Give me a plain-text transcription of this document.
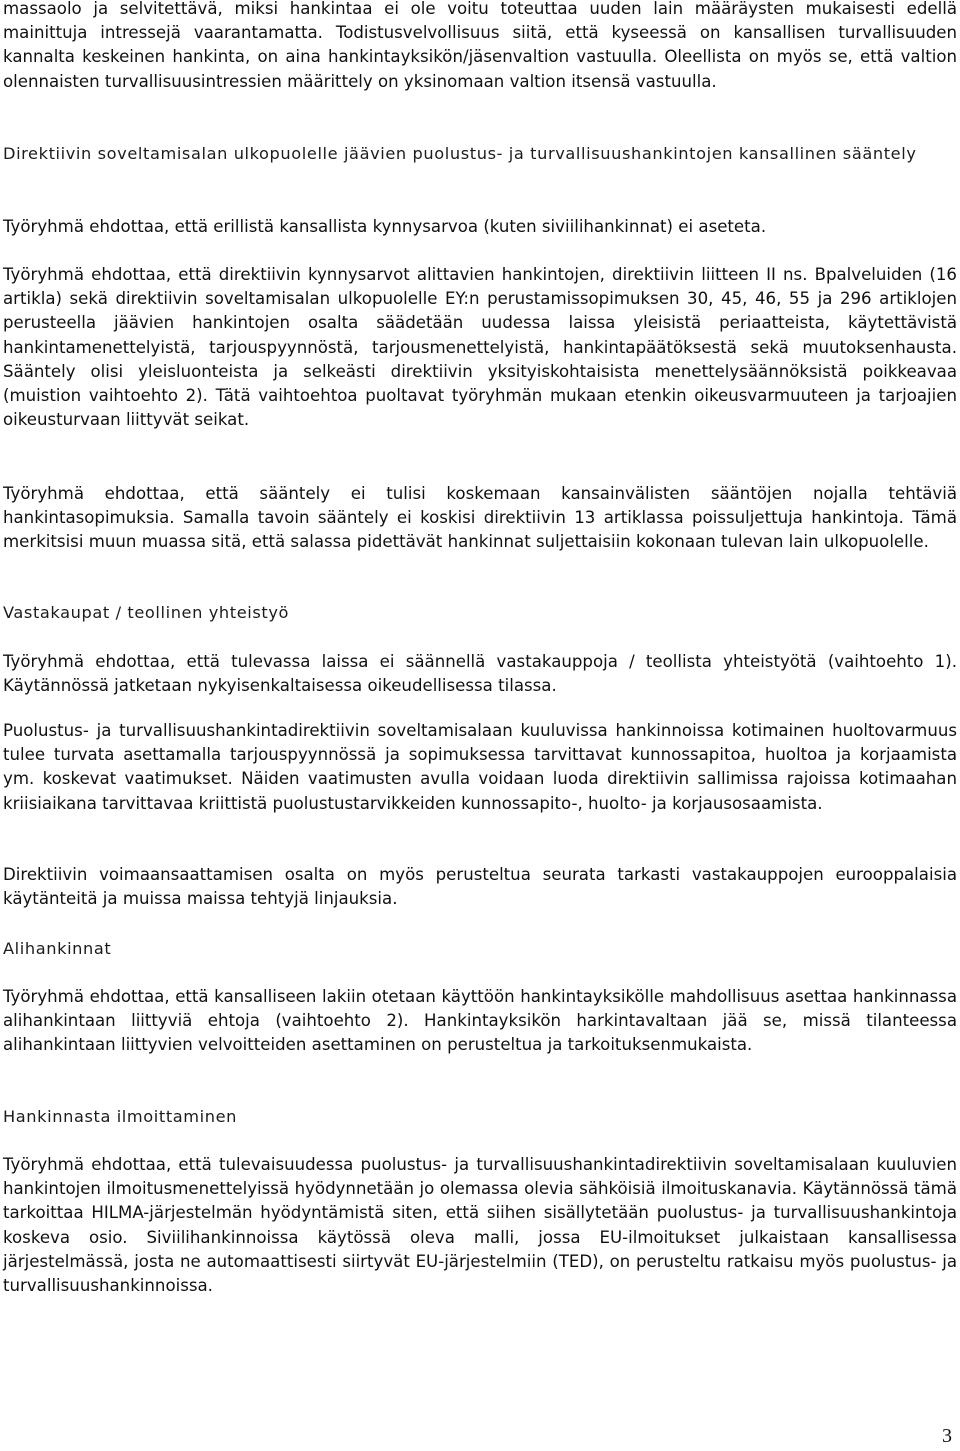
massaolo ja selvitettävä, miksi hankintaa ei ole voitu toteuttaa uuden lain määräysten mukaisesti edellä mainittuja intressejä vaarantamatta. Todistusvelvollisuus siitä, että kyseessä on kansallisen turvallisuuden kannalta keskeinen hankinta, on aina hankintayksikön/jäsenvaltion vastuulla. Oleellista on myös se, että valtion olennaisten turvallisuusintressien määrittely on yksinomaan valtion itsensä vastuulla.

Direktiivin soveltamisalan ulkopuolelle jäävien puolustus- ja turvallisuushankintojen kansallinen sääntely

Työryhmä ehdottaa, että erillistä kansallista kynnysarvoa (kuten siviilihankinnat) ei aseteta.

Työryhmä ehdottaa, että direktiivin kynnysarvot alittavien hankintojen, direktiivin liitteen II ns. Bpalveluiden (16 artikla) sekä direktiivin soveltamisalan ulkopuolelle EY:n perustamissopimuksen 30, 45, 46, 55 ja 296 artiklojen perusteella jäävien hankintojen osalta säädetään uudessa laissa yleisistä periaatteista, käytettävistä hankintamenettelyistä, tarjouspyynnöstä, tarjousmenettelyistä, hankintapäätöksestä sekä muutoksenhausta. Sääntely olisi yleisluonteista ja selkeästi direktiivin yksityiskohtaisista menettelysäännöksistä poikkeavaa (muistion vaihtoehto 2). Tätä vaihtoehtoa puoltavat työryhmän mukaan etenkin oikeusvarmuuteen ja tarjoajien oikeusturvaan liittyvät seikat.

Työryhmä ehdottaa, että sääntely ei tulisi koskemaan kansainvälisten sääntöjen nojalla tehtäviä hankintasopimuksia. Samalla tavoin sääntely ei koskisi direktiivin 13 artiklassa poissuljettuja hankintoja. Tämä merkitsisi muun muassa sitä, että salassa pidettävät hankinnat suljettaisiin kokonaan tulevan lain ulkopuolelle.

Vastakaupat / teollinen yhteistyö

Työryhmä ehdottaa, että tulevassa laissa ei säännellä vastakauppoja / teollista yhteistyötä (vaihtoehto 1). Käytännössä jatketaan nykyisenkaltaisessa oikeudellisessa tilassa.

Puolustus- ja turvallisuushankintadirektiivin soveltamisalaan kuuluvissa hankinnoissa kotimainen huoltovarmuus tulee turvata asettamalla tarjouspyynnössä ja sopimuksessa tarvittavat kunnossapitoa, huoltoa ja korjaamista ym. koskevat vaatimukset. Näiden vaatimusten avulla voidaan luoda direktiivin sallimissa rajoissa kotimaahan kriisiaikana tarvittavaa kriittistä puolustustarvikkeiden kunnossapito-, huolto- ja korjausosaamista.

Direktiivin voimaansaattamisen osalta on myös perusteltua seurata tarkasti vastakauppojen eurooppalaisia käytänteitä ja muissa maissa tehtyjä linjauksia.

Alihankinnat

Työryhmä ehdottaa, että kansalliseen lakiin otetaan käyttöön hankintayksikölle mahdollisuus asettaa hankinnassa alihankintaan liittyviä ehtoja (vaihtoehto 2). Hankintayksikön harkintavaltaan jää se, missä tilanteessa alihankintaan liittyvien velvoitteiden asettaminen on perusteltua ja tarkoituksenmukaista.

Hankinnasta ilmoittaminen

Työryhmä ehdottaa, että tulevaisuudessa puolustus- ja turvallisuushankintadirektiivin soveltamisalaan kuuluvien hankintojen ilmoitusmenettelyissä hyödynnetään jo olemassa olevia sähköisiä ilmoituskanavia. Käytännössä tämä tarkoittaa HILMA-järjestelmän hyödyntämistä siten, että siihen sisällytetään puolustus- ja turvallisuushankintoja koskeva osio. Siviilihankinnoissa käytössä oleva malli, jossa EU-ilmoitukset julkaistaan kansallisessa järjestelmässä, josta ne automaattisesti siirtyvät EU-järjestelmiin (TED), on perusteltu ratkaisu myös puolustus- ja turvallisuushankinnoissa.

3
